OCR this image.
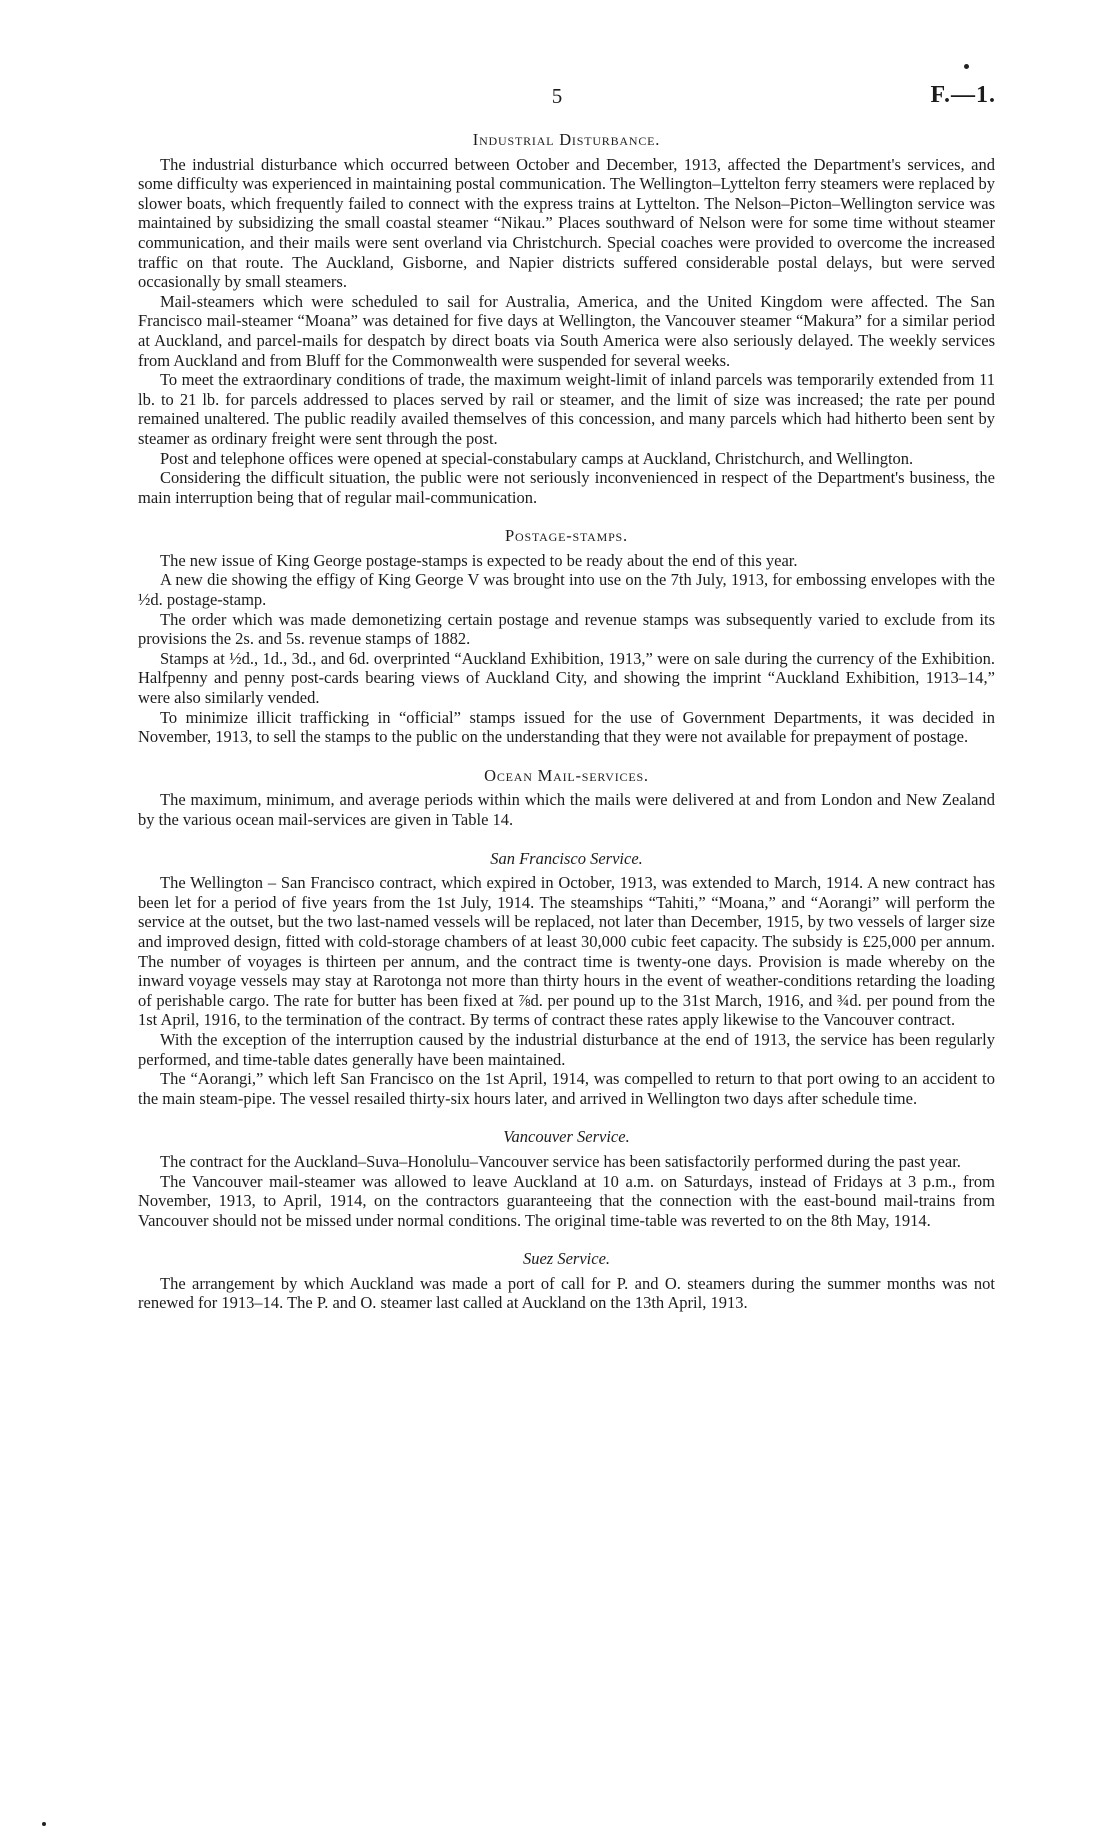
5	F.—1.
Industrial Disturbance.

The industrial disturbance which occurred between October and December, 1913, affected the Department's services, and some difficulty was experienced in maintaining postal communication. The Wellington–Lyttelton ferry steamers were replaced by slower boats, which frequently failed to connect with the express trains at Lyttelton. The Nelson–Picton–Wellington service was maintained by subsidizing the small coastal steamer “Nikau.” Places southward of Nelson were for some time without steamer communication, and their mails were sent overland via Christchurch. Special coaches were provided to overcome the increased traffic on that route. The Auckland, Gisborne, and Napier districts suffered considerable postal delays, but were served occasionally by small steamers.

Mail-steamers which were scheduled to sail for Australia, America, and the United Kingdom were affected. The San Francisco mail-steamer “Moana” was detained for five days at Wellington, the Vancouver steamer “Makura” for a similar period at Auckland, and parcel-mails for despatch by direct boats via South America were also seriously delayed. The weekly services from Auckland and from Bluff for the Commonwealth were suspended for several weeks.

To meet the extraordinary conditions of trade, the maximum weight-limit of inland parcels was temporarily extended from 11 lb. to 21 lb. for parcels addressed to places served by rail or steamer, and the limit of size was increased; the rate per pound remained unaltered. The public readily availed themselves of this concession, and many parcels which had hitherto been sent by steamer as ordinary freight were sent through the post.

Post and telephone offices were opened at special-constabulary camps at Auckland, Christchurch, and Wellington.

Considering the difficult situation, the public were not seriously inconvenienced in respect of the Department's business, the main interruption being that of regular mail-communication.

Postage-stamps.

The new issue of King George postage-stamps is expected to be ready about the end of this year.

A new die showing the effigy of King George V was brought into use on the 7th July, 1913, for embossing envelopes with the ½d. postage-stamp.

The order which was made demonetizing certain postage and revenue stamps was subsequently varied to exclude from its provisions the 2s. and 5s. revenue stamps of 1882.

Stamps at ½d., 1d., 3d., and 6d. overprinted “Auckland Exhibition, 1913,” were on sale during the currency of the Exhibition. Halfpenny and penny post-cards bearing views of Auckland City, and showing the imprint “Auckland Exhibition, 1913–14,” were also similarly vended.

To minimize illicit trafficking in “official” stamps issued for the use of Government Departments, it was decided in November, 1913, to sell the stamps to the public on the understanding that they were not available for prepayment of postage.

Ocean Mail-services.

The maximum, minimum, and average periods within which the mails were delivered at and from London and New Zealand by the various ocean mail-services are given in Table 14.

San Francisco Service.

The Wellington – San Francisco contract, which expired in October, 1913, was extended to March, 1914. A new contract has been let for a period of five years from the 1st July, 1914. The steamships “Tahiti,” “Moana,” and “Aorangi” will perform the service at the outset, but the two last-named vessels will be replaced, not later than December, 1915, by two vessels of larger size and improved design, fitted with cold-storage chambers of at least 30,000 cubic feet capacity. The subsidy is £25,000 per annum. The number of voyages is thirteen per annum, and the contract time is twenty-one days. Provision is made whereby on the inward voyage vessels may stay at Rarotonga not more than thirty hours in the event of weather-conditions retarding the loading of perishable cargo. The rate for butter has been fixed at ⅞d. per pound up to the 31st March, 1916, and ¾d. per pound from the 1st April, 1916, to the termination of the contract. By terms of contract these rates apply likewise to the Vancouver contract.

With the exception of the interruption caused by the industrial disturbance at the end of 1913, the service has been regularly performed, and time-table dates generally have been maintained.

The “Aorangi,” which left San Francisco on the 1st April, 1914, was compelled to return to that port owing to an accident to the main steam-pipe. The vessel resailed thirty-six hours later, and arrived in Wellington two days after schedule time.

Vancouver Service.

The contract for the Auckland–Suva–Honolulu–Vancouver service has been satisfactorily performed during the past year.

The Vancouver mail-steamer was allowed to leave Auckland at 10 a.m. on Saturdays, instead of Fridays at 3 p.m., from November, 1913, to April, 1914, on the contractors guaranteeing that the connection with the east-bound mail-trains from Vancouver should not be missed under normal conditions. The original time-table was reverted to on the 8th May, 1914.

Suez Service.

The arrangement by which Auckland was made a port of call for P. and O. steamers during the summer months was not renewed for 1913–14. The P. and O. steamer last called at Auckland on the 13th April, 1913.
